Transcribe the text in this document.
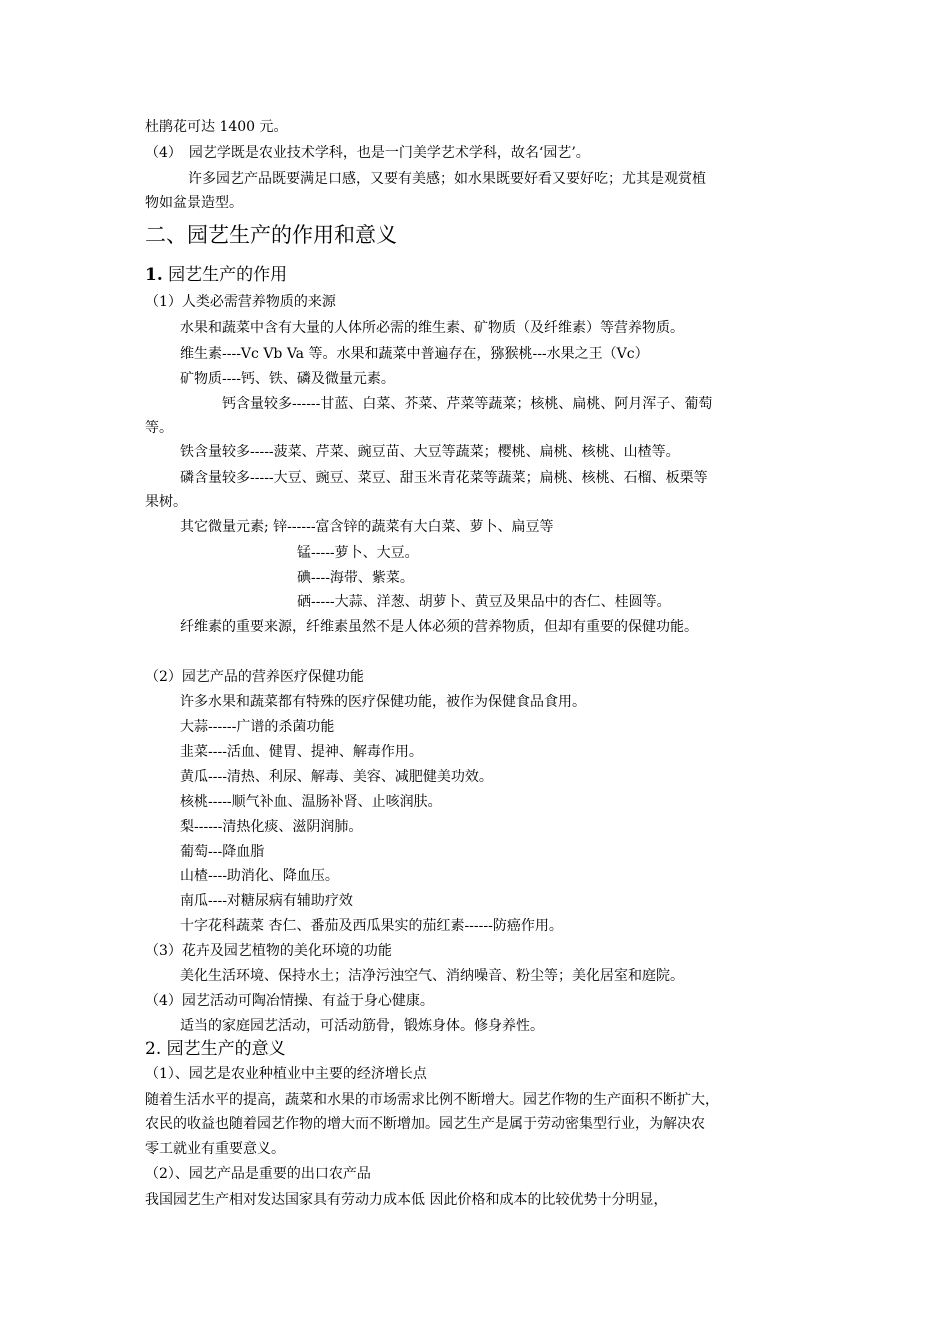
杜鹃花可达 1400 元。
（4）　园艺学既是农业技术学科，也是一门美学艺术学科，故名‘园艺’。
许多园艺产品既要满足口感，又要有美感；如水果既要好看又要好吃；尤其是观赏植
物如盆景造型。
二、园艺生产的作用和意义
1. 园艺生产的作用
（1）人类必需营养物质的来源
水果和蔬菜中含有大量的人体所必需的维生素、矿物质（及纤维素）等营养物质。
维生素----Vc Vb Va 等。水果和蔬菜中普遍存在，猕猴桃---水果之王（Vc）
矿物质----钙、铁、磷及微量元素。
钙含量较多------甘蓝、白菜、芥菜、芹菜等蔬菜；核桃、扁桃、阿月浑子、葡萄
等。
铁含量较多-----菠菜、芹菜、豌豆苗、大豆等蔬菜；樱桃、扁桃、核桃、山楂等。
磷含量较多-----大豆、豌豆、菜豆、甜玉米青花菜等蔬菜；扁桃、核桃、石榴、板栗等
果树。
其它微量元素; 锌------富含锌的蔬菜有大白菜、萝卜、扁豆等
锰-----萝卜、大豆。
碘----海带、紫菜。
硒-----大蒜、洋葱、胡萝卜、黄豆及果品中的杏仁、桂圆等。
纤维素的重要来源，纤维素虽然不是人体必须的营养物质，但却有重要的保健功能。
（2）园艺产品的营养医疗保健功能
许多水果和蔬菜都有特殊的医疗保健功能，被作为保健食品食用。
大蒜------广谱的杀菌功能
韭菜----活血、健胃、提神、解毒作用。
黄瓜----清热、利尿、解毒、美容、减肥健美功效。
核桃-----顺气补血、温肠补肾、止咳润肤。
梨------清热化痰、滋阴润肺。
葡萄---降血脂
山楂----助消化、降血压。
南瓜----对糖尿病有辅助疗效
十字花科蔬菜 杏仁、番茄及西瓜果实的茄红素------防癌作用。
（3）花卉及园艺植物的美化环境的功能
美化生活环境、保持水土；洁净污浊空气、消纳噪音、粉尘等；美化居室和庭院。
（4）园艺活动可陶冶情操、有益于身心健康。
适当的家庭园艺活动，可活动筋骨，锻炼身体。修身养性。
2. 园艺生产的意义
（1）、园艺是农业种植业中主要的经济增长点
随着生活水平的提高，蔬菜和水果的市场需求比例不断增大。园艺作物的生产面积不断扩大，
农民的收益也随着园艺作物的增大而不断增加。园艺生产是属于劳动密集型行业，为解决农
零工就业有重要意义。
（2）、园艺产品是重要的出口农产品
我国园艺生产相对发达国家具有劳动力成本低 因此价格和成本的比较优势十分明显，
